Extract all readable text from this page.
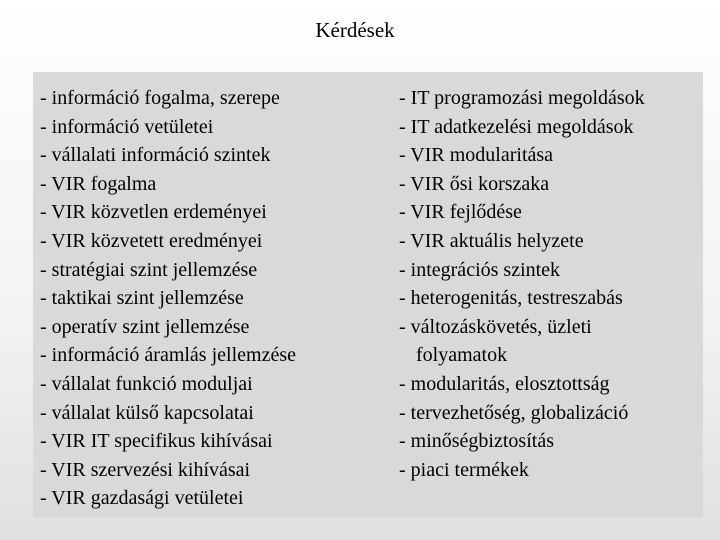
Kérdések
- információ fogalma, szerepe
- információ vetületei
- vállalati információ szintek
- VIR fogalma
- VIR közvetlen erdeményei
- VIR közvetett eredményei
- stratégiai szint jellemzése
- taktikai szint jellemzése
- operatív szint jellemzése
- információ áramlás jellemzése
- vállalat funkció moduljai
- vállalat külső kapcsolatai
- VIR IT specifikus kihívásai
- VIR szervezési kihívásai
- VIR gazdasági vetületei
- IT programozási megoldások
- IT adatkezelési megoldások
- VIR modularitása
- VIR ősi korszaka
- VIR fejlődése
- VIR aktuális helyzete
- integrációs szintek
- heterogenitás, testreszabás
- változáskövetés, üzleti
folyamatok
- modularitás, elosztottság
- tervezhetőség, globalizáció
- minőségbiztosítás
- piaci termékek
